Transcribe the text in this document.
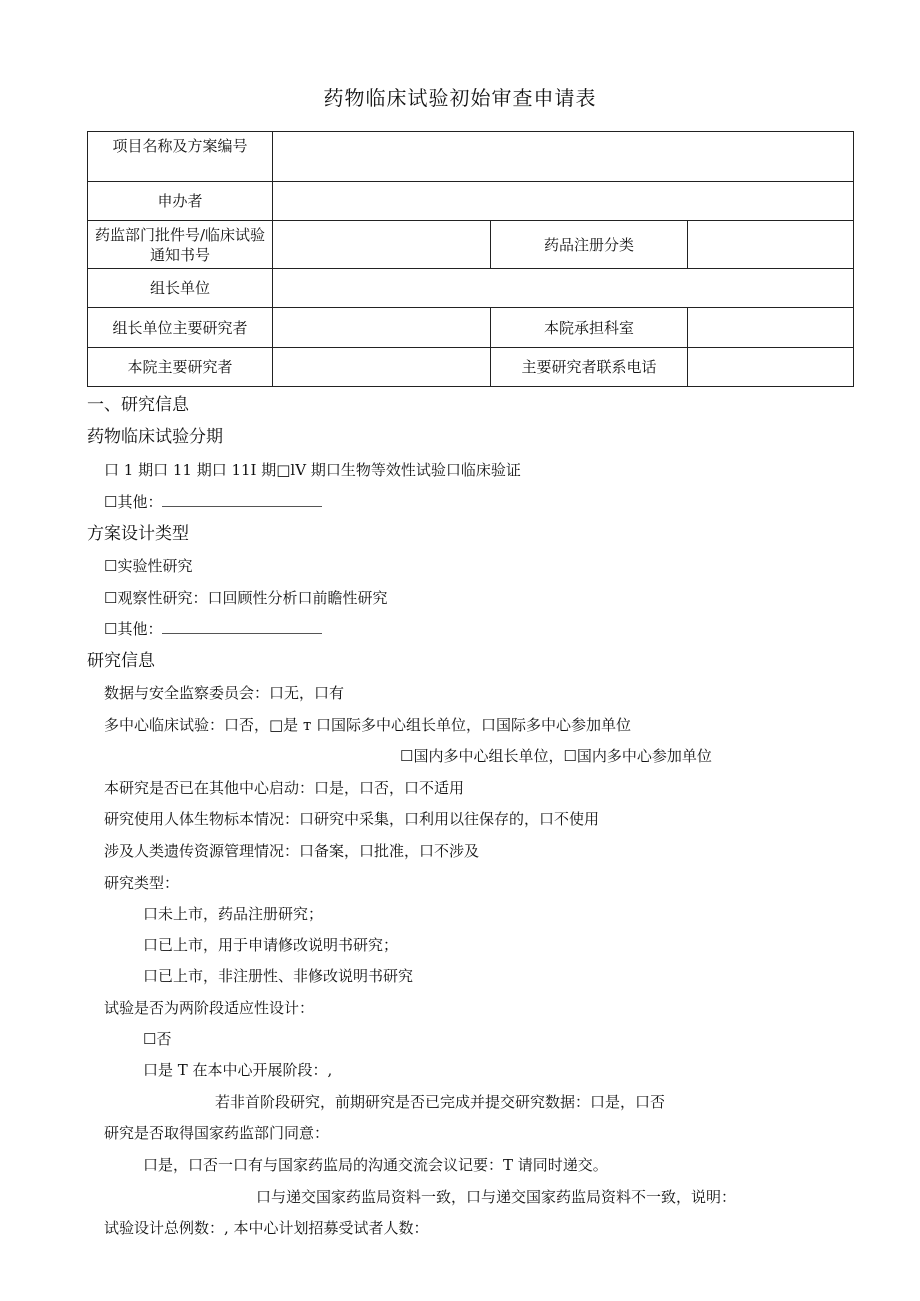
药物临床试验初始审查申请表
项目名称及方案编号			
申办者			
药监部门批件号/临床试验通知书号		药品注册分类	
组长单位			
组长单位主要研究者		本院承担科室	
本院主要研究者		主要研究者联系电话	
一、研究信息
药物临床试验分期
口 1 期口 11 期口 11I 期□lV 期口生物等效性试验口临床验证
☐其他：
方案设计类型
☐实验性研究
☐观察性研究：口回顾性分析口前瞻性研究
☐其他：
研究信息
数据与安全监察委员会：口无，口有
多中心临床试验：口否，□是 т 口国际多中心组长单位，口国际多中心参加单位
☐国内多中心组长单位，☐国内多中心参加单位
本研究是否已在其他中心启动：口是，口否，口不适用
研究使用人体生物标本情况：口研究中采集，口利用以往保存的，口不使用
涉及人类遗传资源管理情况：口备案，口批准，口不涉及
研究类型：
口未上市，药品注册研究；
口已上市，用于申请修改说明书研究；
口已上市，非注册性、非修改说明书研究
试验是否为两阶段适应性设计：
☐否
口是 T 在本中心开展阶段：,
若非首阶段研究，前期研究是否已完成并提交研究数据：口是，口否
研究是否取得国家药监部门同意：
口是，口否一口有与国家药监局的沟通交流会议记要：T 请同时递交。
口与递交国家药监局资料一致，口与递交国家药监局资料不一致，说明：
试验设计总例数：, 本中心计划招募受试者人数：
